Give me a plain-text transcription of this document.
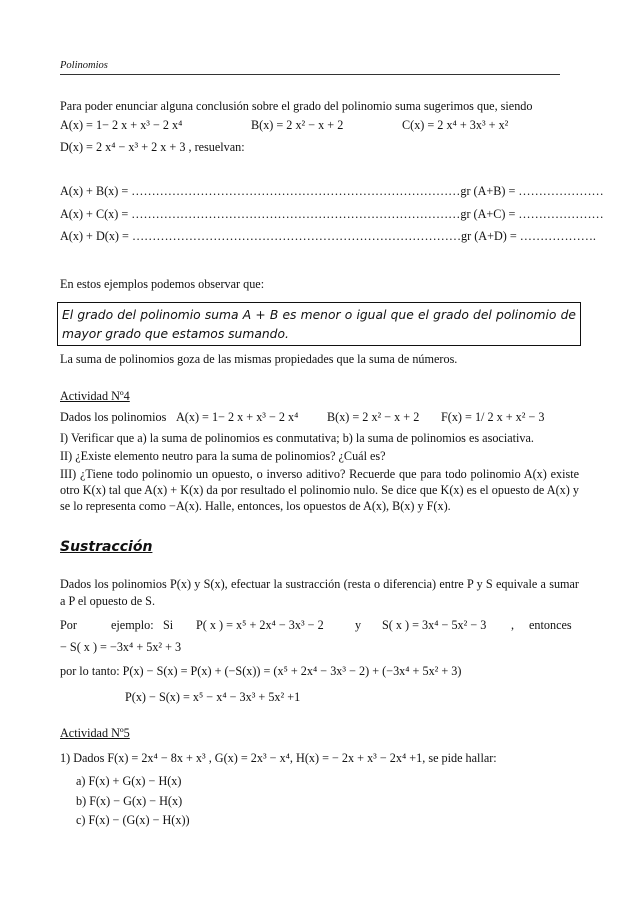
Polinomios
Para poder enunciar alguna conclusión sobre el grado del polinomio suma sugerimos que, siendo
A(x) = 1− 2 x + x³ − 2 x⁴	B(x) = 2 x² − x + 2	C(x) = 2 x⁴ + 3x³ + x²
D(x) = 2 x⁴ − x³ + 2 x + 3 , resuelvan:
A(x) + B(x) = ………………………………………………………………………gr (A+B) = …………………
A(x) + C(x) = ………………………………………………………………………gr (A+C) = …………………
A(x) + D(x) = ………………………………………………………………………gr (A+D) = ……………….
En estos ejemplos podemos observar que:
El grado del polinomio suma A + B es menor o igual que el grado del polinomio de mayor grado que estamos sumando.
La suma de polinomios goza de las mismas propiedades que la suma de números.
Actividad Nº4
Dados los polinomios A(x) = 1− 2 x + x³ − 2 x⁴ B(x) = 2 x² − x + 2 F(x) = 1/ 2 x + x² − 3
I) Verificar que a) la suma de polinomios es conmutativa; b) la suma de polinomios es asociativa.
II) ¿Existe elemento neutro para la suma de polinomios? ¿Cuál es?
III) ¿Tiene todo polinomio un opuesto, o inverso aditivo? Recuerde que para todo polinomio A(x) existe otro K(x) tal que A(x) + K(x) da por resultado el polinomio nulo. Se dice que K(x) es el opuesto de A(x) y se lo representa como −A(x). Halle, entonces, los opuestos de A(x), B(x) y F(x).
Sustracción
Dados los polinomios P(x) y S(x), efectuar la sustracción (resta o diferencia) entre P y S equivale a sumar a P el opuesto de S.
Por	ejemplo: Si P( x ) = x⁵ + 2x⁴ − 3x³ − 2	y S( x ) = 3x⁴ − 5x² − 3 , entonces
− S( x ) = −3x⁴ + 5x² + 3
por lo tanto: P(x) − S(x) = P(x) + (−S(x)) = (x⁵ + 2x⁴ − 3x³ − 2) + (−3x⁴ + 5x² + 3)
P(x) − S(x) = x⁵ − x⁴ − 3x³ + 5x² +1
Actividad Nº5
1) Dados F(x) = 2x⁴ − 8x + x³ , G(x) = 2x³ − x⁴, H(x) = − 2x + x³ − 2x⁴ +1, se pide hallar:
a) F(x) + G(x) − H(x)
b) F(x) − G(x) − H(x)
c) F(x) − (G(x) − H(x))
